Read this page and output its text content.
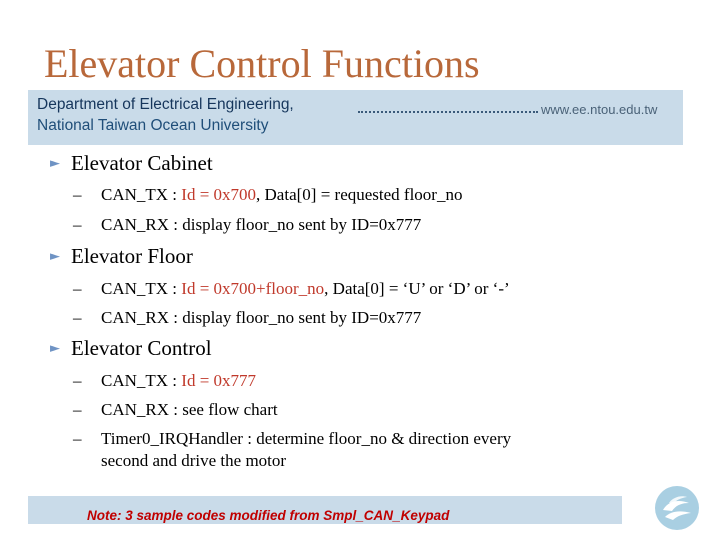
Elevator Control Functions
Department of Electrical Engineering,
National Taiwan Ocean University
www.ee.ntou.edu.tw
► Elevator Cabinet
– CAN_TX : Id = 0x700, Data[0] = requested floor_no
– CAN_RX : display floor_no sent by ID=0x777
► Elevator Floor
– CAN_TX : Id = 0x700+floor_no, Data[0] = ‘U’ or ‘D’ or ‘-’
– CAN_RX : display floor_no sent by ID=0x777
► Elevator Control
– CAN_TX : Id = 0x777
– CAN_RX : see flow chart
– Timer0_IRQHandler : determine floor_no & direction every
second and drive the motor
Note: 3 sample codes modified from Smpl_CAN_Keypad
